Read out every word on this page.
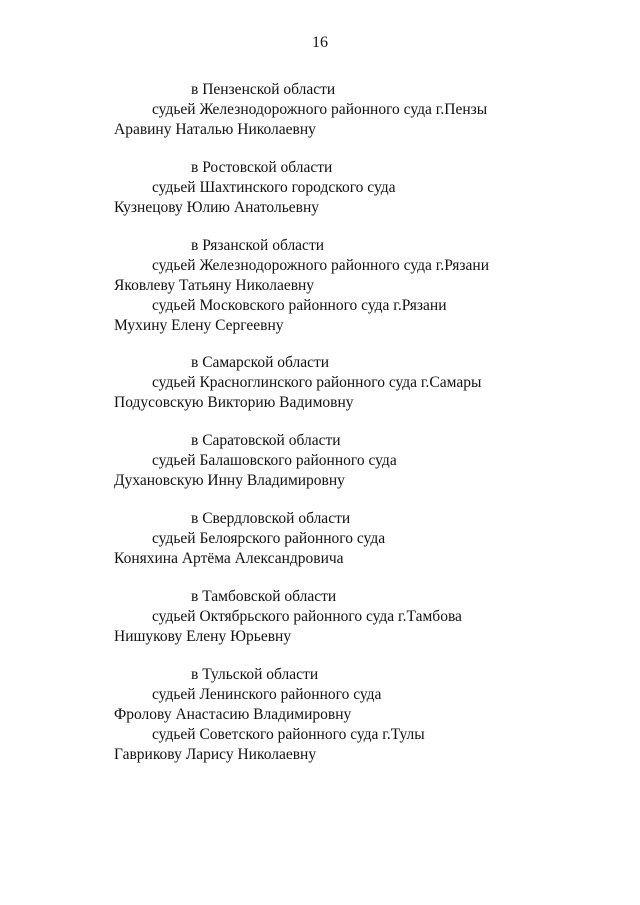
16
в Пензенской области
судьей Железнодорожного районного суда г.Пензы
Аравину Наталью Николаевну
в Ростовской области
судьей Шахтинского городского суда
Кузнецову Юлию Анатольевну
в Рязанской области
судьей Железнодорожного районного суда г.Рязани
Яковлеву Татьяну Николаевну
судьей Московского районного суда г.Рязани
Мухину Елену Сергеевну
в Самарской области
судьей Красноглинского районного суда г.Самары
Подусовскую Викторию Вадимовну
в Саратовской области
судьей Балашовского районного суда
Духановскую Инну Владимировну
в Свердловской области
судьей Белоярского районного суда
Коняхина Артёма Александровича
в Тамбовской области
судьей Октябрьского районного суда г.Тамбова
Нишукову Елену Юрьевну
в Тульской области
судьей Ленинского районного суда
Фролову Анастасию Владимировну
судьей Советского районного суда г.Тулы
Гаврикову Ларису Николаевну
